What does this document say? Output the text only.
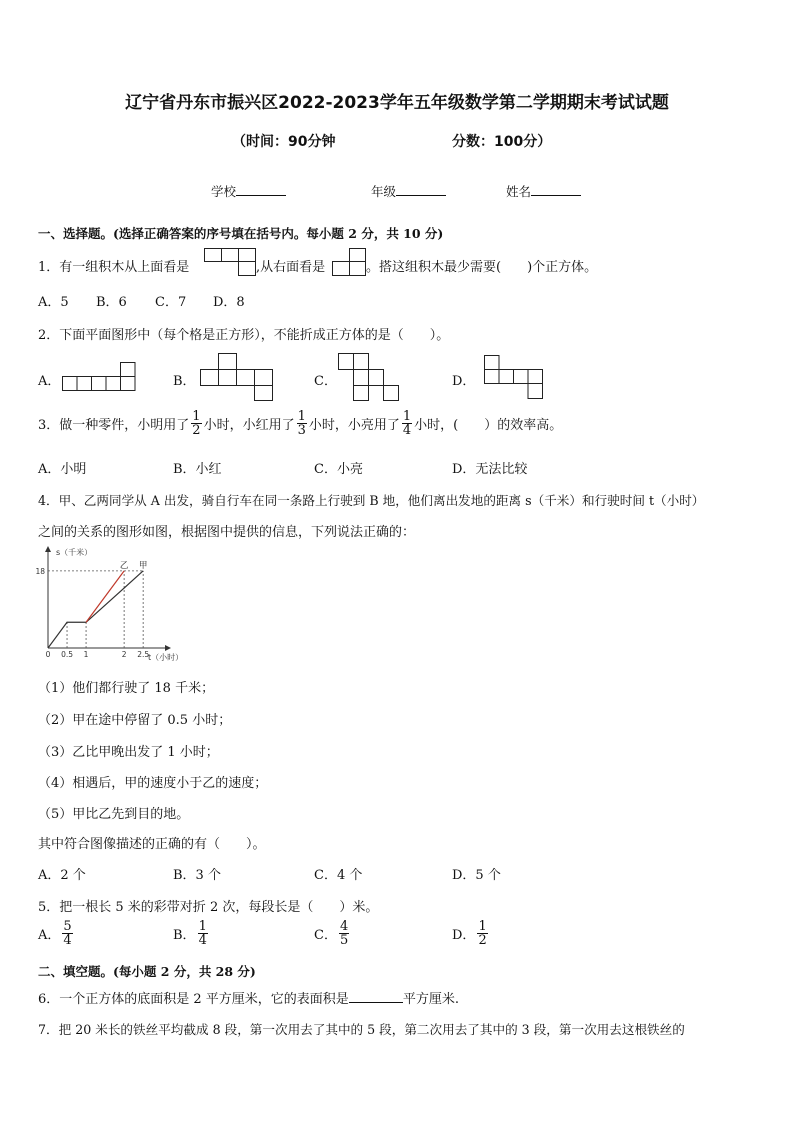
辽宁省丹东市振兴区2022-2023学年五年级数学第二学期期末考试试题
（时间：90分钟	分数：100分）
学校	年级	姓名
一、选择题。(选择正确答案的序号填在括号内。每小题 2 分，共 10 分)
1．有一组积木从上面看是	,从右面看是	。搭这组积木最少需要(　　)个正方体。
A．5 B．6 C．7 D．8
2．下面平面图形中（每个格是正方形），不能折成正方体的是（　　）。
A．	B．	C．	D．
3．做一种零件，小明用了 $\frac{1}{2}$ 小时，小红用了 $\frac{1}{3}$ 小时，小亮用了 $\frac{1}{4}$ 小时，(　　）的效率高。
A．小明	B．小红	C．小亮	D．无法比较
4．甲、乙两同学从 A 出发，骑自行车在同一条路上行驶到 B 地，他们离出发地的距离 s（千米）和行驶时间 t（小时）
之间的关系的图形如图，根据图中提供的信息，下列说法正确的：
s（千米）
t（小时）
0 0.5 1	2 2.5
18
甲
乙
（1）他们都行驶了 18 千米；
（2）甲在途中停留了 0.5 小时；
（3）乙比甲晚出发了 1 小时；
（4）相遇后，甲的速度小于乙的速度；
（5）甲比乙先到目的地。
其中符合图像描述的正确的有（　　）。
A．2 个	B．3 个	C．4 个	D．5 个
5．把一根长 5 米的彩带对折 2 次，每段长是（　　）米。
A． $\frac{5}{4}$	B． $\frac{1}{4}$	C． $\frac{4}{5}$	D． $\frac{1}{2}$
二、填空题。(每小题 2 分，共 28 分)
6．一个正方体的底面积是 2 平方厘米，它的表面积是	平方厘米.
7．把 20 米长的铁丝平均截成 8 段，第一次用去了其中的 5 段，第二次用去了其中的 3 段，第一次用去这根铁丝的
